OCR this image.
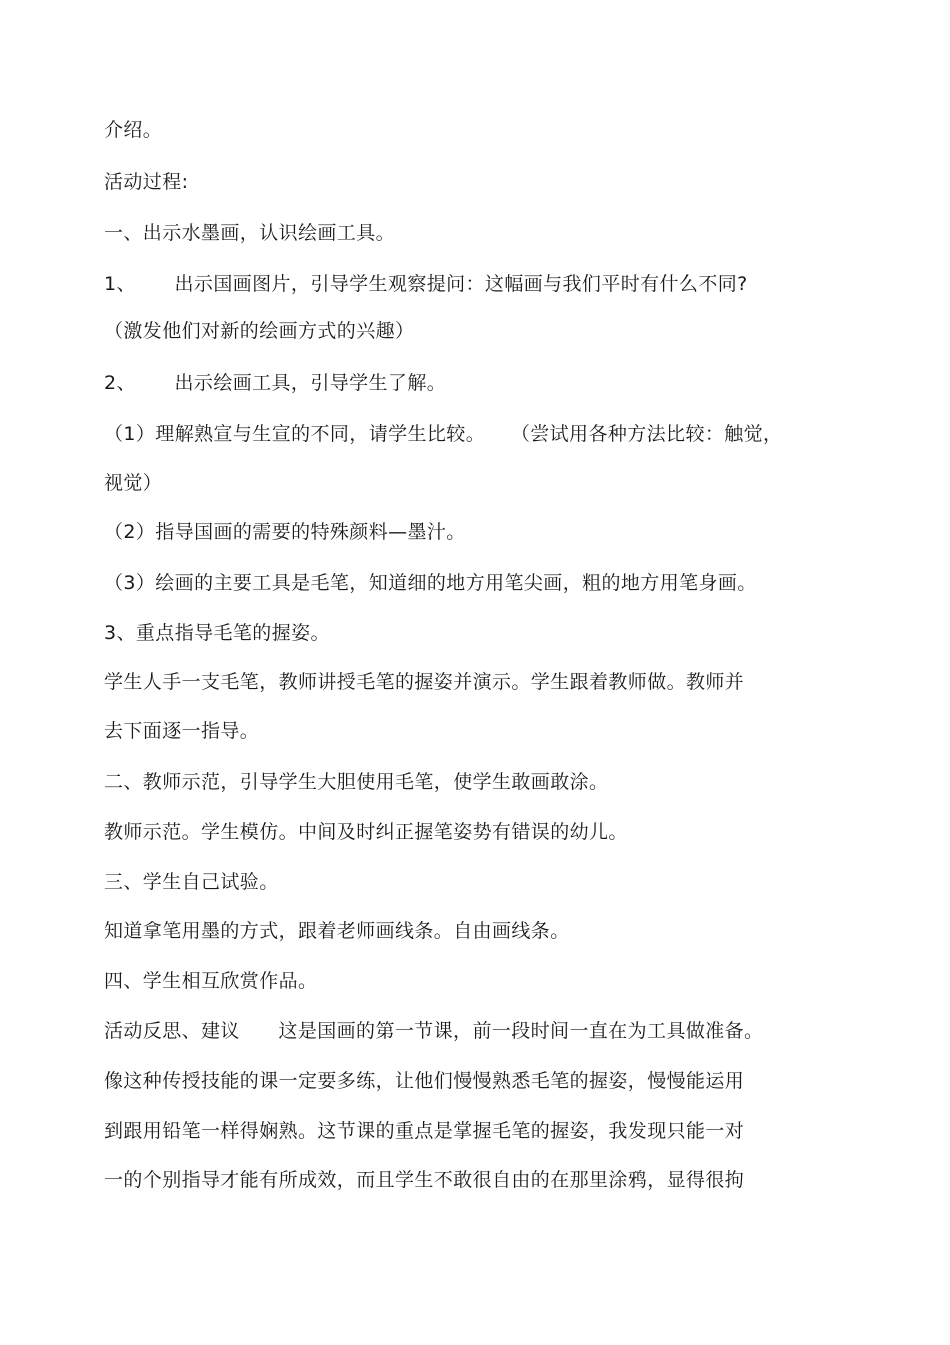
介绍。
活动过程:
一、出示水墨画，认识绘画工具。
1、      出示国画图片，引导学生观察提问：这幅画与我们平时有什么不同?
（激发他们对新的绘画方式的兴趣）
2、      出示绘画工具，引导学生了解。
（1）理解熟宣与生宣的不同，请学生比较。    （尝试用各种方法比较：触觉，
视觉）
（2）指导国画的需要的特殊颜料—墨汁。
（3）绘画的主要工具是毛笔，知道细的地方用笔尖画，粗的地方用笔身画。
3、重点指导毛笔的握姿。
学生人手一支毛笔，教师讲授毛笔的握姿并演示。学生跟着教师做。教师并
去下面逐一指导。
二、教师示范，引导学生大胆使用毛笔，使学生敢画敢涂。
教师示范。学生模仿。中间及时纠正握笔姿势有错误的幼儿。
三、学生自己试验。
知道拿笔用墨的方式，跟着老师画线条。自由画线条。
四、学生相互欣赏作品。
活动反思、建议      这是国画的第一节课，前一段时间一直在为工具做准备。
像这种传授技能的课一定要多练，让他们慢慢熟悉毛笔的握姿，慢慢能运用
到跟用铅笔一样得娴熟。这节课的重点是掌握毛笔的握姿，我发现只能一对
一的个别指导才能有所成效，而且学生不敢很自由的在那里涂鸦，显得很拘
